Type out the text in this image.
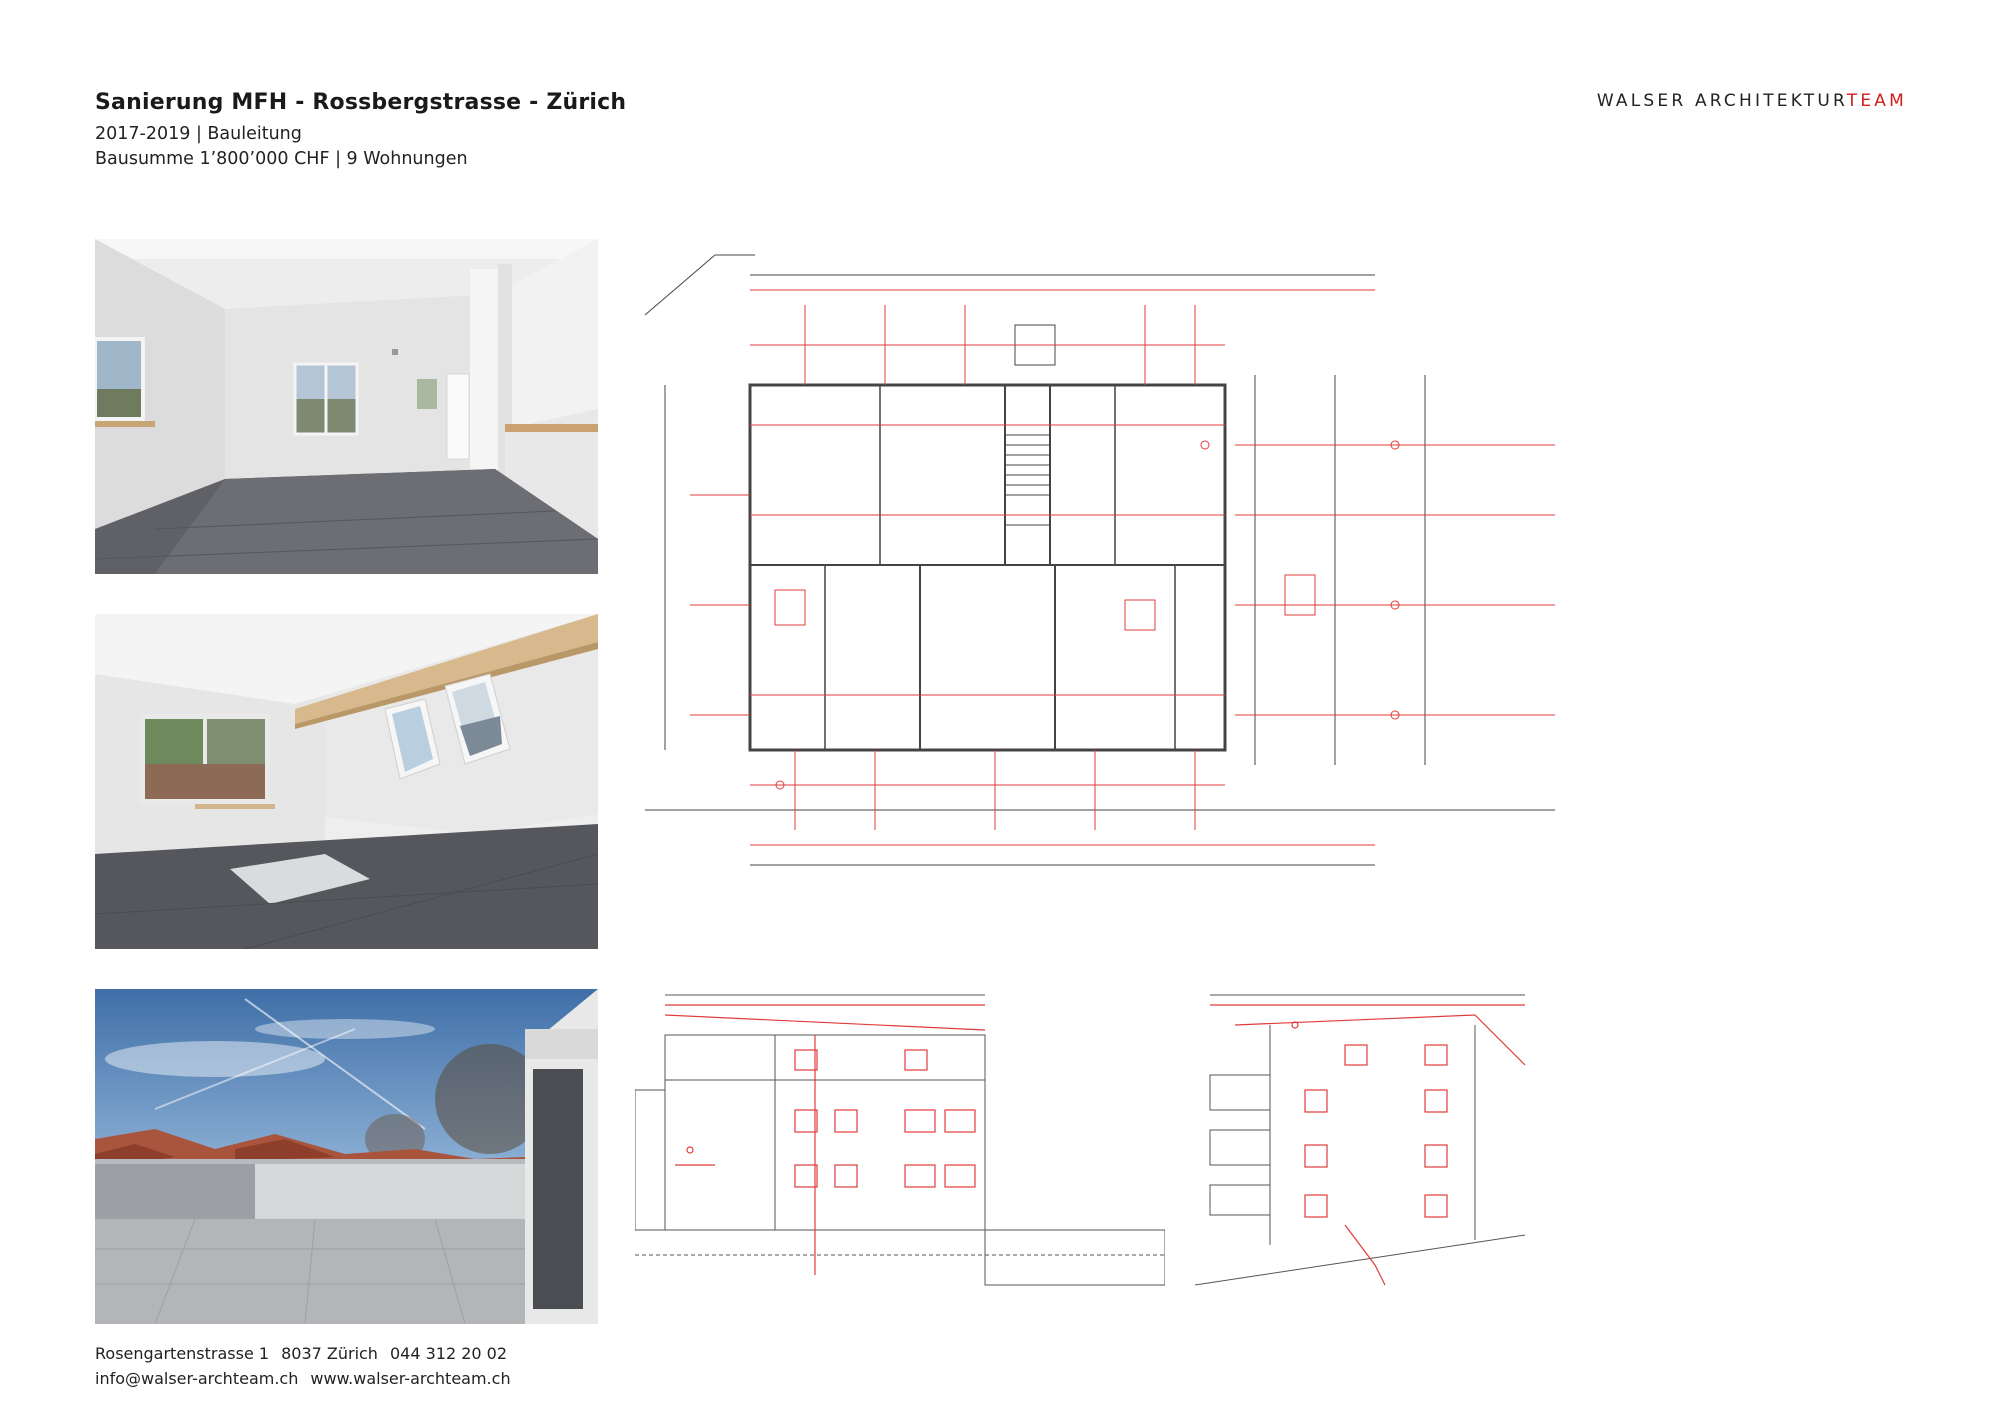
Sanierung MFH - Rossbergstrasse - Zürich
2017-2019 | Bauleitung
Bausumme 1’800’000 CHF | 9 Wohnungen
WALSER ARCHITEKTURTEAM
Rosengartenstrasse 1 8037 Zürich 044 312 20 02
info@walser-archteam.ch www.walser-archteam.ch
